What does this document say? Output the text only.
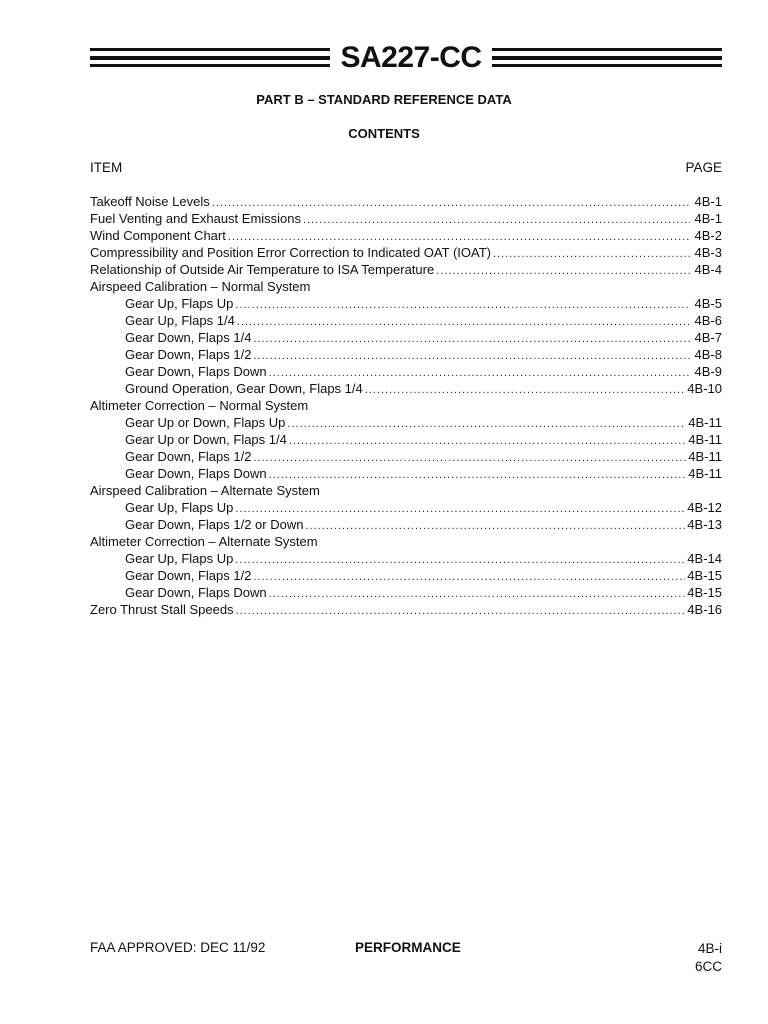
SA227-CC
PART B – STANDARD REFERENCE DATA
CONTENTS
ITEM	PAGE
Takeoff Noise Levels .....	4B-1
Fuel Venting and Exhaust Emissions .....	4B-1
Wind Component Chart .....	4B-2
Compressibility and Position Error Correction to Indicated OAT (IOAT) .....	4B-3
Relationship of Outside Air Temperature to ISA Temperature .....	4B-4
Airspeed Calibration – Normal System
Gear Up, Flaps Up .....	4B-5
Gear Up, Flaps 1/4 .....	4B-6
Gear Down, Flaps 1/4 .....	4B-7
Gear Down, Flaps 1/2 .....	4B-8
Gear Down, Flaps Down .....	4B-9
Ground Operation, Gear Down, Flaps 1/4 .....	4B-10
Altimeter Correction – Normal System
Gear Up or Down, Flaps Up .....	4B-11
Gear Up or Down, Flaps 1/4 .....	4B-11
Gear Down, Flaps 1/2 .....	4B-11
Gear Down, Flaps Down .....	4B-11
Airspeed Calibration – Alternate System
Gear Up, Flaps Up .....	4B-12
Gear Down, Flaps 1/2 or Down .....	4B-13
Altimeter Correction – Alternate System
Gear Up, Flaps Up .....	4B-14
Gear Down, Flaps 1/2 .....	4B-15
Gear Down, Flaps Down .....	4B-15
Zero Thrust Stall Speeds .....	4B-16
FAA APPROVED: DEC 11/92	PERFORMANCE	4B-i
6CC
